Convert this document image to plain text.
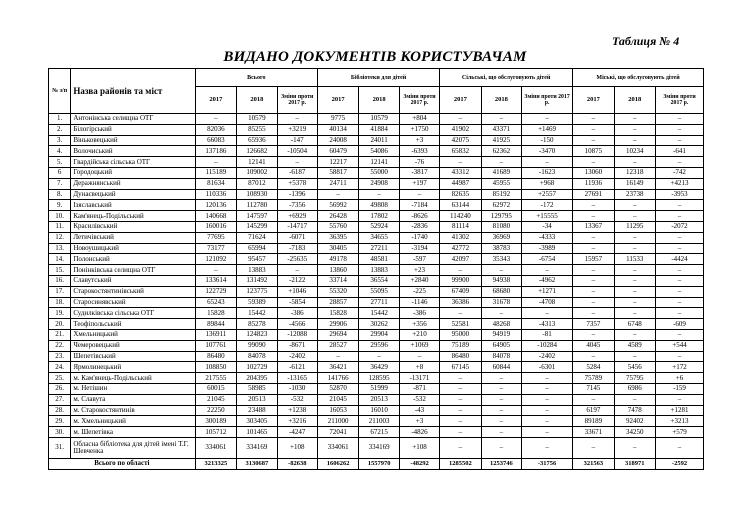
Таблиця № 4
ВИДАНО ДОКУМЕНТІВ КОРИСТУВАЧАМ
№ з/п	Назва районів та міст	Всього			Бібліотеки для дітей			Сільські, що обслуговують дітей			Міські, що обслуговують дітей		
		2017	2018	Зміни проти 2017 р.	2017	2018	Зміни проти 2017 р.	2017	2018	Зміни проти 2017 р.	2017	2018	Зміни проти 2017 р.
1.	Антонінська селищна ОТГ	–	10579	–	9775	10579	+804	–	–	–	–	–	–
2.	Білогірський	82036	85255	+3219	40134	41884	+1750	41902	43371	+1469	–	–	–
3.	Віньковецький	66083	65936	-147	24008	24011	+3	42075	41925	-150	–	–	–
4.	Волочиський	137186	126682	-10504	60479	54086	-6393	65832	62362	-3470	10875	10234	-641
5.	Гвардійська сільська ОТГ	–	12141	–	12217	12141	-76	–	–	–	–	–	–
6	Городоцький	115189	109002	-6187	58817	55000	-3817	43312	41689	-1623	13060	12318	-742
7.	Деражнянський	81634	87012	+5378	24711	24908	+197	44987	45955	+968	11936	16149	+4213
8.	Дунаєвецький	110336	108930	-1396	–	–	–	82635	85192	+2557	27691	23738	-3953
9.	Ізяславський	120136	112780	-7356	56992	49808	-7184	63144	62972	-172	–	–	–
10.	Кам'янець-Подільський	140668	147597	+6929	26428	17802	-8626	114240	129795	+15555	–	–	–
11.	Красилівський	160016	145299	-14717	55760	52924	-2836	81114	81080	-34	13367	11295	-2072
12.	Летичівський	77695	71624	-6071	36395	34655	-1740	41302	36969	-4333	–	–	–
13.	Новоушицький	73177	65994	-7183	30405	27211	-3194	42772	38783	-3989	–	–	–
14.	Полонський	121092	95457	-25635	49178	48581	-597	42097	35343	-6754	15957	11533	-4424
15.	Понінківська селищна ОТГ	–	13883	–	13860	13883	+23	–	–	–	–	–	–
16.	Славутський	133614	131492	-2122	33714	36554	+2840	99900	94938	-4962	–	–	–
17.	Старокостянтинівський	122729	123775	+1046	55320	55095	-225	67409	68680	+1271	–	–	–
18.	Старосинявський	65243	59389	-5854	28857	27711	-1146	36386	31678	-4708	–	–	–
19.	Судилківська сільська ОТГ	15828	15442	-386	15828	15442	-386	–	–	–	–	–	–
20.	Теофіпольський	89844	85278	-4566	29906	30262	+356	52581	48268	-4313	7357	6748	-609
21.	Хмельницький	136911	124823	-12088	29694	29904	+210	95000	94919	-81	–	–	–
22.	Чемеровецький	107761	99090	-8671	28527	29596	+1069	75189	64905	-10284	4045	4589	+544
23.	Шепетівський	86480	84078	-2402	–	–	–	86480	84078	-2402	–	–	–
24.	Ярмолинецький	108850	102729	-6121	36421	36429	+8	67145	60844	-6301	5284	5456	+172
25.	м. Кам'янець-Подільський	217555	204395	-13165	141766	128595	-13171	–	–	–	75789	75795	+6
26.	м. Нетішин	60015	58985	-1030	52870	51999	-871	–	–	–	7145	6986	-159
27.	м. Славута	21045	20513	-532	21045	20513	-532	–	–	–	–	–	–
28.	м. Старокостянтинів	22250	23488	+1238	16053	16010	-43	–	–	–	6197	7478	+1281
29.	м. Хмельницький	300189	303405	+3216	211000	211003	+3	–	–	–	89189	92402	+3213
30.	м. Шепетівка	105712	101465	-4247	72041	67215	-4826	–	–	–	33671	34250	+579
31.	Обласна бібліотека для дітей імені Т.Г. Шевченка	334061	334169	+108	334061	334169	+108	–	–	–	–	–	–
Всього по області		3213325	3130687	-82638	1606262	1557970	-48292	1285502	1253746	-31756	321563	318971	-2592
